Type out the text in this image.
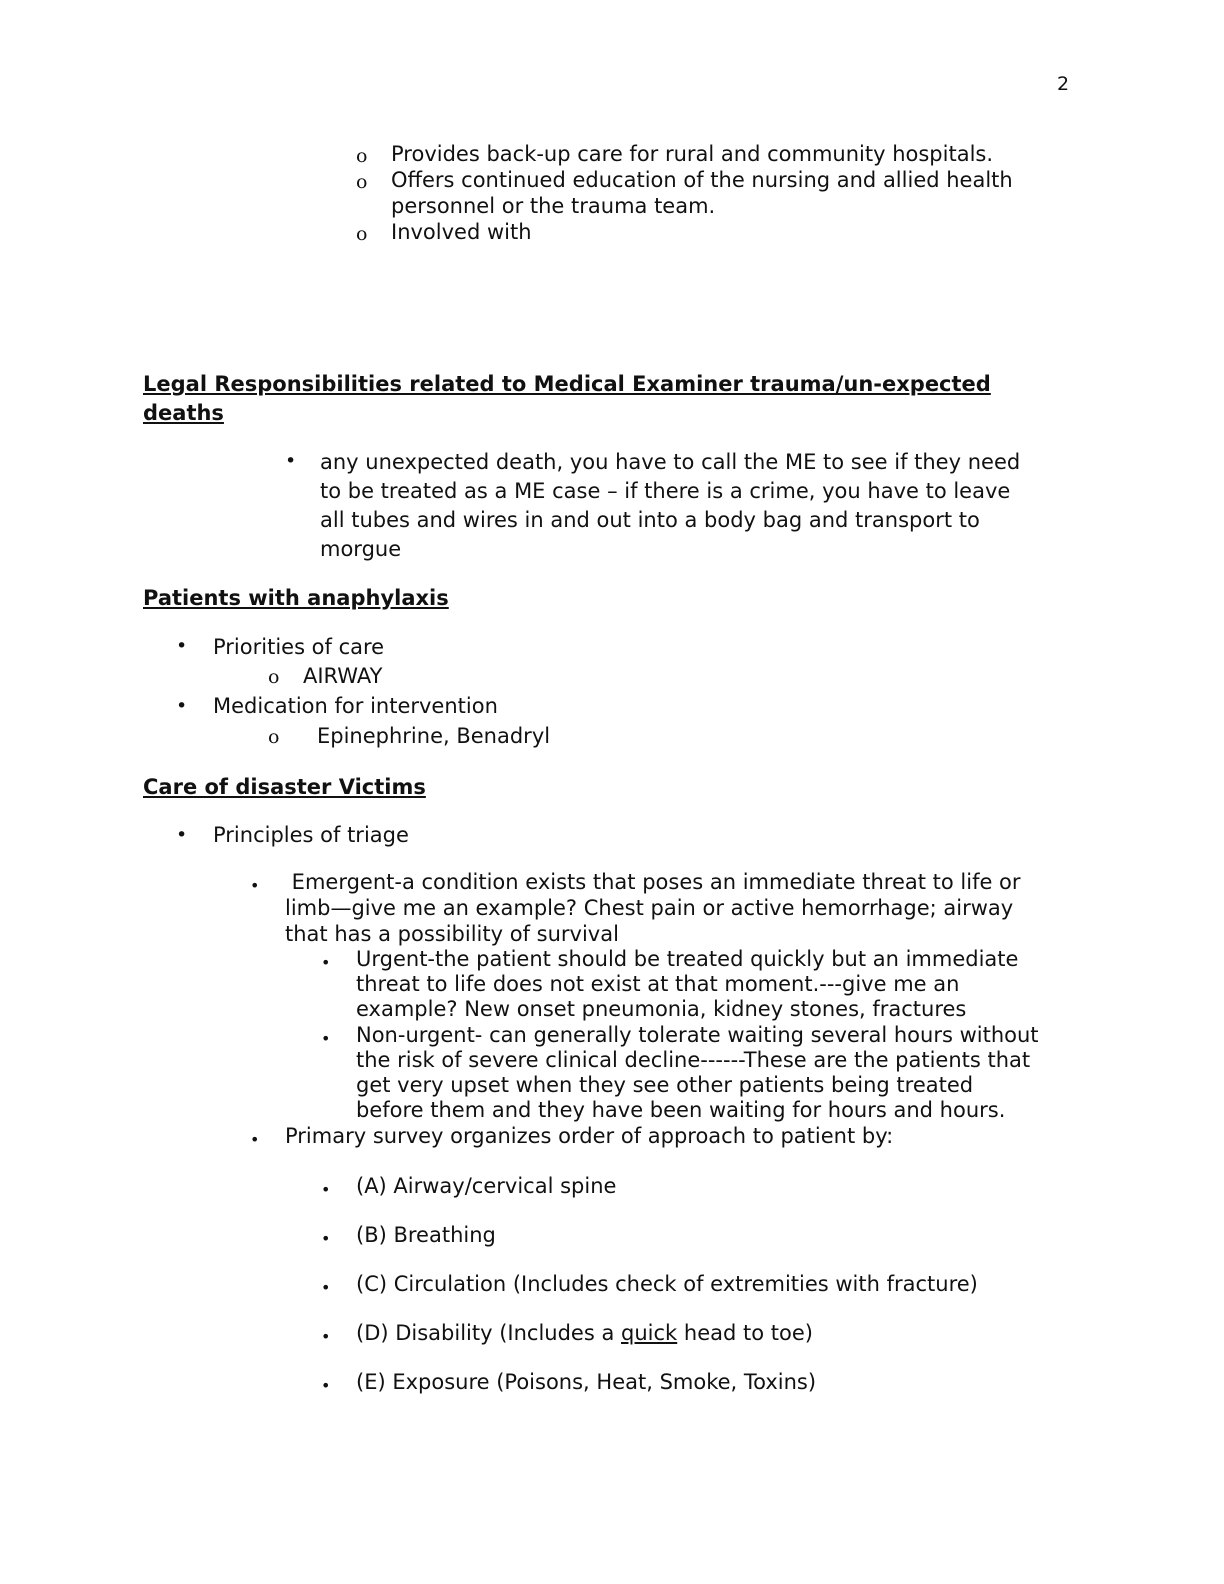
2
o Provides back-up care for rural and community hospitals.
o Offers continued education of the nursing and allied health
personnel or the trauma team.
o Involved with
Legal Responsibilities related to Medical Examiner trauma/un-expected
deaths
• any unexpected death, you have to call the ME to see if they need
to be treated as a ME case – if there is a crime, you have to leave
all tubes and wires in and out into a body bag and transport to
morgue
Patients with anaphylaxis
• Priorities of care
o AIRWAY
• Medication for intervention
o Epinephrine, Benadryl
Care of disaster Victims
• Principles of triage
• Emergent-a condition exists that poses an immediate threat to life or
limb—give me an example? Chest pain or active hemorrhage; airway
that has a possibility of survival
• Urgent-the patient should be treated quickly but an immediate
threat to life does not exist at that moment.---give me an
example? New onset pneumonia, kidney stones, fractures
• Non-urgent- can generally tolerate waiting several hours without
the risk of severe clinical decline------These are the patients that
get very upset when they see other patients being treated
before them and they have been waiting for hours and hours.
• Primary survey organizes order of approach to patient by:
• (A) Airway/cervical spine
• (B) Breathing
• (C) Circulation (Includes check of extremities with fracture)
• (D) Disability (Includes a quick head to toe)
• (E) Exposure (Poisons, Heat, Smoke, Toxins)
